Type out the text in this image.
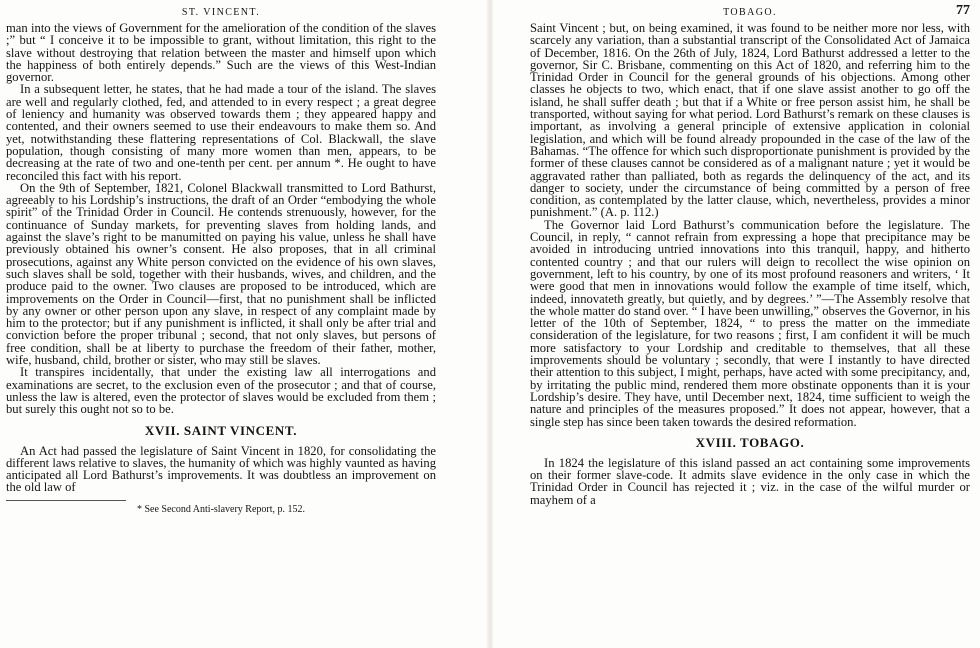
ST. VINCENT.

man into the views of Government for the amelioration of the condition of the slaves ;” but “ I conceive it to be impossible to grant, without limitation, this right to the slave without destroying that relation between the master and himself upon which the happiness of both entirely depends.” Such are the views of this West-Indian governor.

In a subsequent letter, he states, that he had made a tour of the island. The slaves are well and regularly clothed, fed, and attended to in every respect ; a great degree of leniency and humanity was observed towards them ; they appeared happy and contented, and their owners seemed to use their endeavours to make them so. And yet, notwithstanding these flattering representations of Col. Blackwall, the slave population, though consisting of many more women than men, appears, to be decreasing at the rate of two and one-tenth per cent. per annum *. He ought to have reconciled this fact with his report.

On the 9th of September, 1821, Colonel Blackwall transmitted to Lord Bathurst, agreeably to his Lordship’s instructions, the draft of an Order “embodying the whole spirit” of the Trinidad Order in Council. He contends strenuously, however, for the continuance of Sunday markets, for preventing slaves from holding lands, and against the slave’s right to be manumitted on paying his value, unless he shall have previously obtained his owner’s consent. He also proposes, that in all criminal prosecutions, against any White person convicted on the evidence of his own slaves, such slaves shall be sold, together with their husbands, wives, and children, and the produce paid to the owner. Two clauses are proposed to be introduced, which are improvements on the Order in Council—first, that no punishment shall be inflicted by any owner or other person upon any slave, in respect of any complaint made by him to the protector; but if any punishment is inflicted, it shall only be after trial and conviction before the proper tribunal ; second, that not only slaves, but persons of free condition, shall be at liberty to purchase the freedom of their father, mother, wife, husband, child, brother or sister, who may still be slaves.

It transpires incidentally, that under the existing law all interrogations and examinations are secret, to the exclusion even of the prosecutor ; and that of course, unless the law is altered, even the protector of slaves would be excluded from them ; but surely this ought not so to be.

XVII. SAINT VINCENT.

An Act had passed the legislature of Saint Vincent in 1820, for consolidating the different laws relative to slaves, the humanity of which was highly vaunted as having anticipated all Lord Bathurst’s improvements. It was doubtless an improvement on the old law of

* See Second Anti-slavery Report, p. 152.
TOBAGO.	77

Saint Vincent ; but, on being examined, it was found to be neither more nor less, with scarcely any variation, than a substantial transcript of the Consolidated Act of Jamaica of December, 1816. On the 26th of July, 1824, Lord Bathurst addressed a letter to the governor, Sir C. Brisbane, commenting on this Act of 1820, and referring him to the Trinidad Order in Council for the general grounds of his objections. Among other classes he objects to two, which enact, that if one slave assist another to go off the island, he shall suffer death ; but that if a White or free person assist him, he shall be transported, without saying for what period. Lord Bathurst’s remark on these clauses is important, as involving a general principle of extensive application in colonial legislation, and which will be found already propounded in the case of the law of the Bahamas. “The offence for which such disproportionate punishment is provided by the former of these clauses cannot be considered as of a malignant nature ; yet it would be aggravated rather than palliated, both as regards the delinquency of the act, and its danger to society, under the circumstance of being committed by a person of free condition, as contemplated by the latter clause, which, nevertheless, provides a minor punishment.” (A. p. 112.)

The Governor laid Lord Bathurst’s communication before the legislature. The Council, in reply, “ cannot refrain from expressing a hope that precipitance may be avoided in introducing untried innovations into this tranquil, happy, and hitherto contented country ; and that our rulers will deign to recollect the wise opinion on government, left to his country, by one of its most profound reasoners and writers, ‘ It were good that men in innovations would follow the example of time itself, which, indeed, innovateth greatly, but quietly, and by degrees.’ ”—The Assembly resolve that the whole matter do stand over. “ I have been unwilling,” observes the Governor, in his letter of the 10th of September, 1824, “ to press the matter on the immediate consideration of the legislature, for two reasons ; first, I am confident it will be much more satisfactory to your Lordship and creditable to themselves, that all these improvements should be voluntary ; secondly, that were I instantly to have directed their attention to this subject, I might, perhaps, have acted with some precipitancy, and, by irritating the public mind, rendered them more obstinate opponents than it is your Lordship’s desire. They have, until December next, 1824, time sufficient to weigh the nature and principles of the measures proposed.” It does not appear, however, that a single step has since been taken towards the desired reformation.

XVIII. TOBAGO.

In 1824 the legislature of this island passed an act containing some improvements on their former slave-code. It admits slave evidence in the only case in which the Trinidad Order in Council has rejected it ; viz. in the case of the wilful murder or mayhem of a
